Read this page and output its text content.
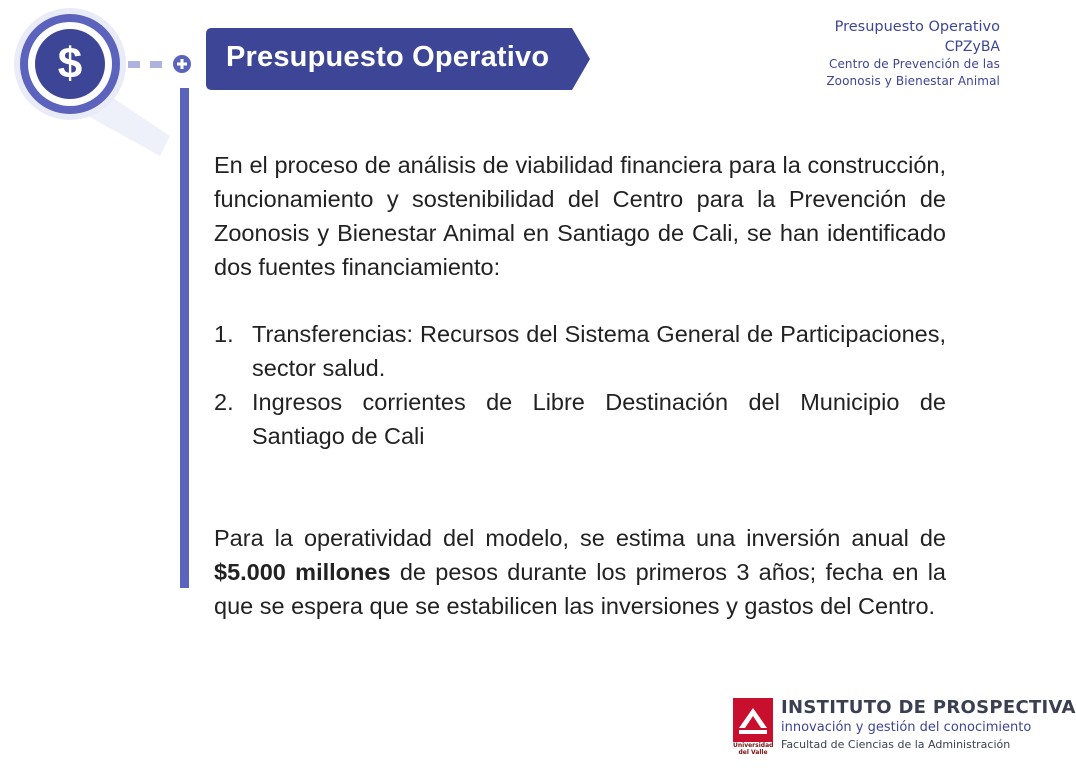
$	Presupuesto Operativo
Presupuesto Operativo
CPZyBA
Centro de Prevención de las
Zoonosis y Bienestar Animal

En el proceso de análisis de viabilidad financiera para la construcción, funcionamiento y sostenibilidad del Centro para la Prevención de Zoonosis y Bienestar Animal en Santiago de Cali, se han identificado dos fuentes financiamiento:

1. Transferencias: Recursos del Sistema General de Participaciones, sector salud.
2. Ingresos corrientes de Libre Destinación del Municipio de Santiago de Cali

Para la operatividad del modelo, se estima una inversión anual de $5.000 millones de pesos durante los primeros 3 años; fecha en la que se espera que se estabilicen las inversiones y gastos del Centro.

Universidad
del Valle
INSTITUTO DE PROSPECTIVA
innovación y gestión del conocimiento
Facultad de Ciencias de la Administración
